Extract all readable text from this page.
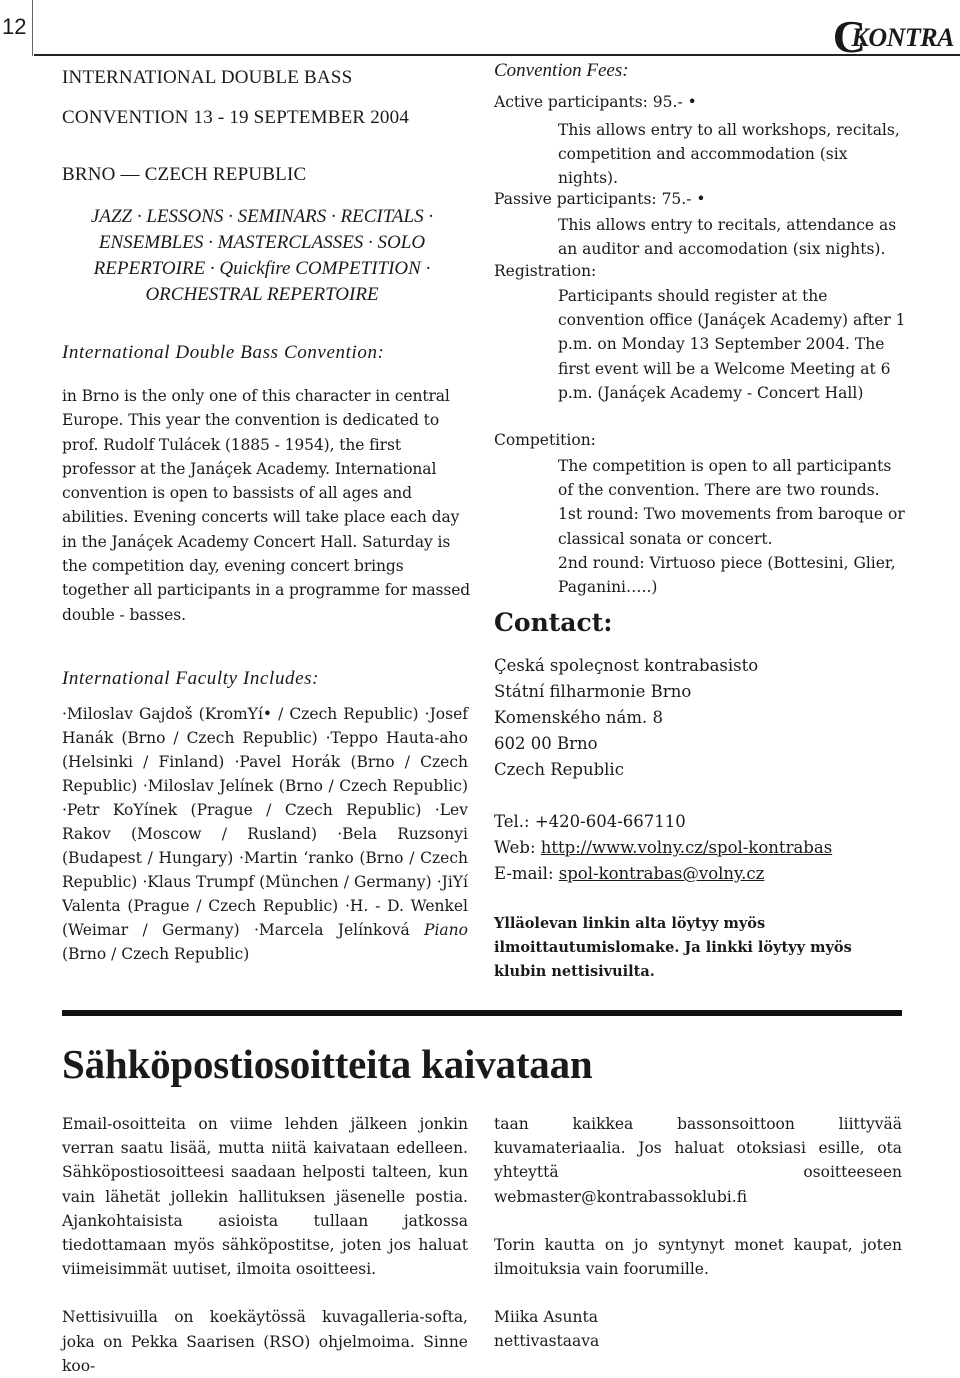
12	CKONTRA
INTERNATIONAL DOUBLE BASS
CONVENTION 13 - 19 SEPTEMBER 2004
BRNO — CZECH REPUBLIC
JAZZ · LESSONS · SEMINARS · RECITALS · ENSEMBLES · MASTERCLASSES · SOLO REPERTOIRE · Quickfire COMPETITION · ORCHESTRAL REPERTOIRE
International Double Bass Convention:
in Brno is the only one of this character in central Europe. This year the convention is dedicated to prof. Rudolf Tulácek (1885 - 1954), the first professor at the Janáçek Academy. International convention is open to bassists of all ages and abilities. Evening concerts will take place each day in the Janáçek Academy Concert Hall. Saturday is the competition day, evening concert brings together all participants in a programme for massed double - basses.
International Faculty Includes:
·Miloslav Gajdoš (KromYí• / Czech Republic) ·Josef Hanák (Brno / Czech Republic) ·Teppo Hauta-aho (Helsinki / Finland) ·Pavel Horák (Brno / Czech Republic) ·Miloslav Jelínek (Brno / Czech Republic) ·Petr KoYínek (Prague / Czech Republic) ·Lev Rakov (Moscow / Rusland) ·Bela Ruzsonyi (Budapest / Hungary) ·Martin ‘ranko (Brno / Czech Republic) ·Klaus Trumpf (München / Germany) ·JiYí Valenta (Prague / Czech Republic) ·H. - D. Wenkel (Weimar / Germany) ·Marcela Jelínková Piano (Brno / Czech Republic)
Convention Fees:
Active participants: 95.- •
This allows entry to all workshops, recitals, competition and accommodation (six nights).
Passive participants: 75.- •
This allows entry to recitals, attendance as an auditor and accomodation (six nights).
Registration:
Participants should register at the convention office (Janáçek Academy) after 1 p.m. on Monday 13 September 2004. The first event will be a Welcome Meeting at 6 p.m. (Janáçek Academy - Concert Hall)
Competition:
The competition is open to all participants of the convention. There are two rounds.
1st round: Two movements from baroque or classical sonata or concert.
2nd round: Virtuoso piece (Bottesini, Glier, Paganini…..)
Contact:
Çeská spoleçnost kontrabasisto
Státní filharmonie Brno
Komenského nám. 8
602 00 Brno
Czech Republic
Tel.: +420-604-667110
Web: http://www.volny.cz/spol-kontrabas
E-mail: spol-kontrabas@volny.cz
Ylläolevan linkin alta löytyy myös ilmoittautumislomake. Ja linkki löytyy myös klubin nettisivuilta.
Sähköpostiosoitteita kaivataan

Email-osoitteita on viime lehden jälkeen jonkin verran saatu lisää, mutta niitä kaivataan edelleen. Sähköpostiosoitteesi saadaan helposti talteen, kun vain lähetät jollekin hallituksen jäsenelle postia. Ajankohtaisista asioista tullaan jatkossa tiedottamaan myös sähköpostitse, joten jos haluat viimeisimmät uutiset, ilmoita osoitteesi.

Nettisivuilla on koekäytössä kuvagalleria-softa, joka on Pekka Saarisen (RSO) ohjelmoima. Sinne koo-

taan kaikkea bassonsoittoon liittyvää kuvamateriaalia. Jos haluat otoksiasi esille, ota yhteyttä osoitteeseen webmaster@kontrabassoklubi.fi

Torin kautta on jo syntynyt monet kaupat, joten ilmoituksia vain foorumille.

Miika Asunta
nettivastaava
